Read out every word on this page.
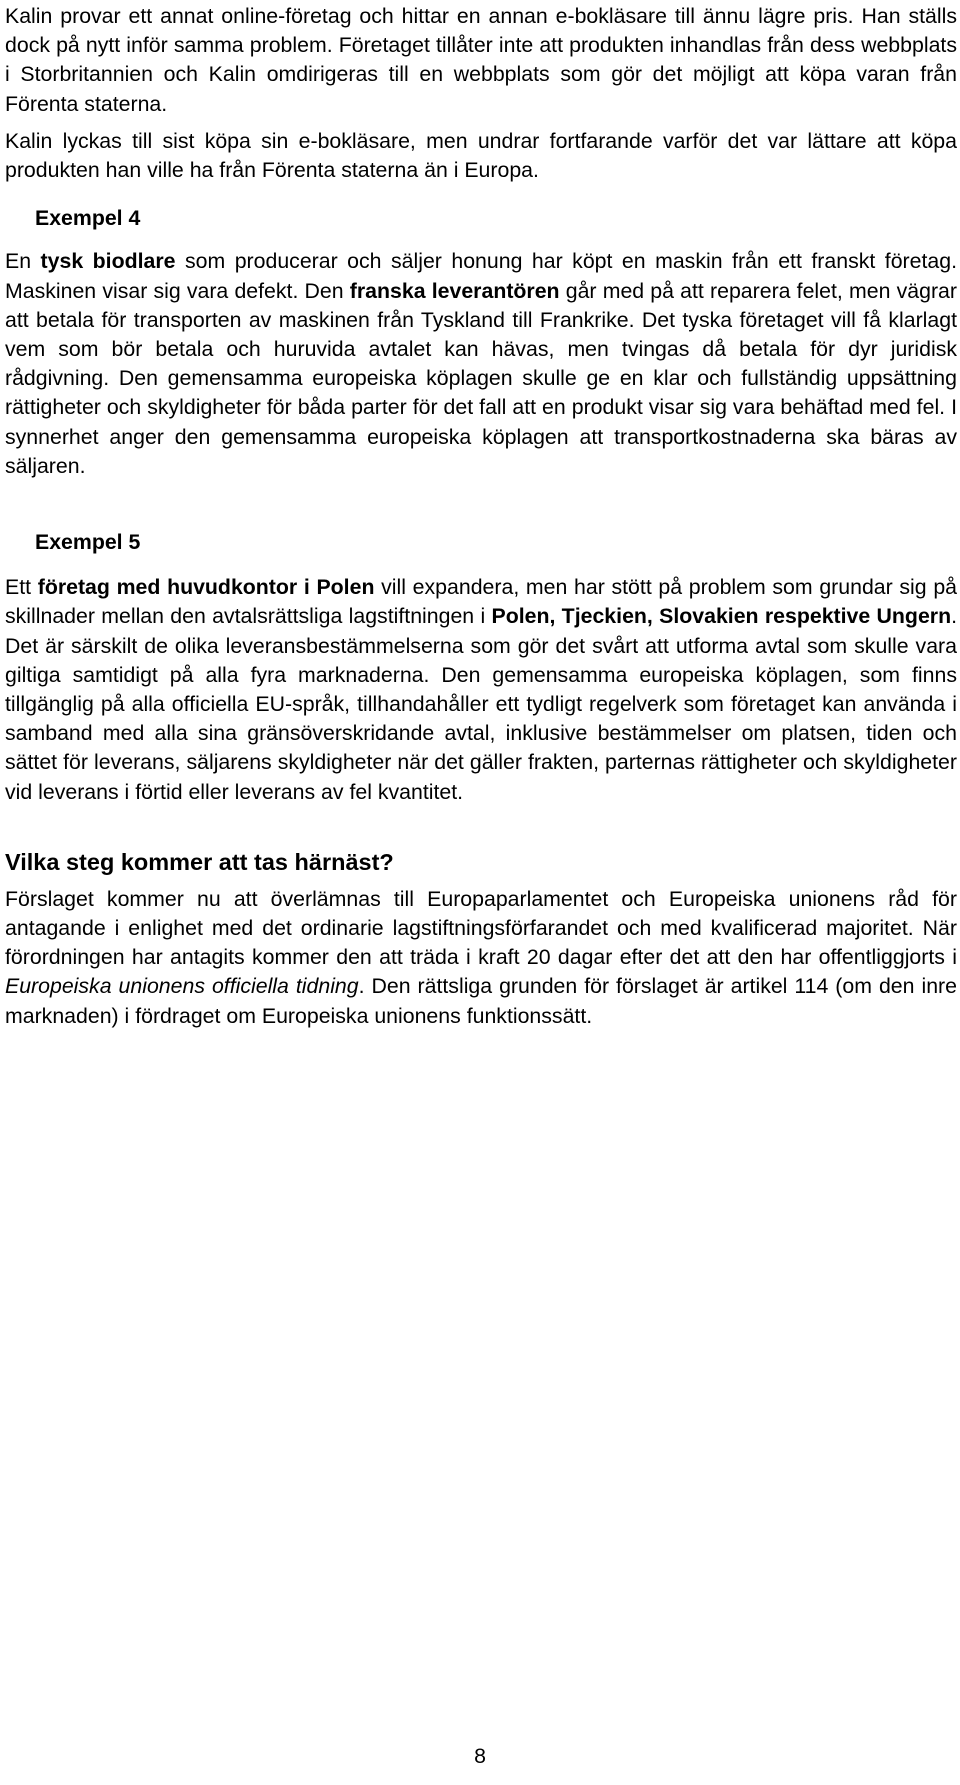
Kalin provar ett annat online-företag och hittar en annan e-bokläsare till ännu lägre pris. Han ställs dock på nytt inför samma problem. Företaget tillåter inte att produkten inhandlas från dess webbplats i Storbritannien och Kalin omdirigeras till en webbplats som gör det möjligt att köpa varan från Förenta staterna.

Kalin lyckas till sist köpa sin e-bokläsare, men undrar fortfarande varför det var lättare att köpa produkten han ville ha från Förenta staterna än i Europa.

Exempel 4

En tysk biodlare som producerar och säljer honung har köpt en maskin från ett franskt företag. Maskinen visar sig vara defekt. Den franska leverantören går med på att reparera felet, men vägrar att betala för transporten av maskinen från Tyskland till Frankrike. Det tyska företaget vill få klarlagt vem som bör betala och huruvida avtalet kan hävas, men tvingas då betala för dyr juridisk rådgivning. Den gemensamma europeiska köplagen skulle ge en klar och fullständig uppsättning rättigheter och skyldigheter för båda parter för det fall att en produkt visar sig vara behäftad med fel. I synnerhet anger den gemensamma europeiska köplagen att transportkostnaderna ska bäras av säljaren.

Exempel 5

Ett företag med huvudkontor i Polen vill expandera, men har stött på problem som grundar sig på skillnader mellan den avtalsrättsliga lagstiftningen i Polen, Tjeckien, Slovakien respektive Ungern. Det är särskilt de olika leveransbestämmelserna som gör det svårt att utforma avtal som skulle vara giltiga samtidigt på alla fyra marknaderna. Den gemensamma europeiska köplagen, som finns tillgänglig på alla officiella EU-språk, tillhandahåller ett tydligt regelverk som företaget kan använda i samband med alla sina gränsöverskridande avtal, inklusive bestämmelser om platsen, tiden och sättet för leverans, säljarens skyldigheter när det gäller frakten, parternas rättigheter och skyldigheter vid leverans i förtid eller leverans av fel kvantitet.

Vilka steg kommer att tas härnäst?

Förslaget kommer nu att överlämnas till Europaparlamentet och Europeiska unionens råd för antagande i enlighet med det ordinarie lagstiftningsförfarandet och med kvalificerad majoritet. När förordningen har antagits kommer den att träda i kraft 20 dagar efter det att den har offentliggjorts i Europeiska unionens officiella tidning. Den rättsliga grunden för förslaget är artikel 114 (om den inre marknaden) i fördraget om Europeiska unionens funktionssätt.

8
